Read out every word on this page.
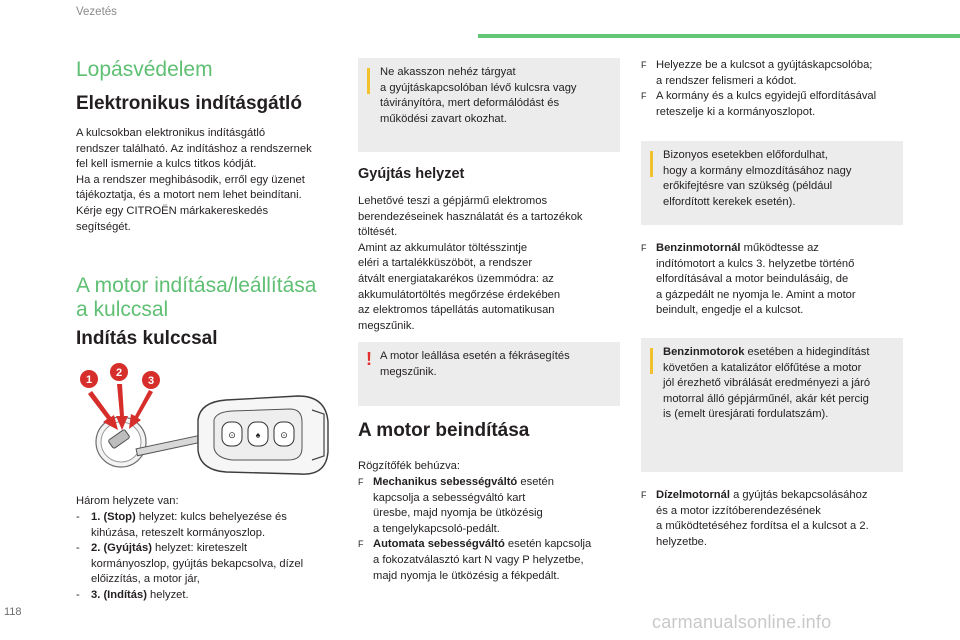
Vezetés
Lopásvédelem
Elektronikus indításgátló
A kulcsokban elektronikus indításgátló
rendszer található. Az indításhoz a rendszernek
fel kell ismernie a kulcs titkos kódját.
Ha a rendszer meghibásodik, erről egy üzenet
tájékoztatja, és a motort nem lehet beindítani.
Kérje egy CITROËN márkakereskedés
segítségét.
A motor indítása/leállítása
a kulccsal
Indítás kulccsal
⊙ ♠ ⊙
1
2
3
Három helyzete van:
- 1. (Stop) helyzet: kulcs behelyezése és
kihúzása, reteszelt kormányoszlop.
- 2. (Gyújtás) helyzet: kireteszelt
kormányoszlop, gyújtás bekapcsolva, dízel
előizzítás, a motor jár,
- 3. (Indítás) helyzet.
Ne akasszon nehéz tárgyat
a gyújtáskapcsolóban lévő kulcsra vagy
távirányítóra, mert deformálódást és
működési zavart okozhat.
Gyújtás helyzet
Lehetővé teszi a gépjármű elektromos
berendezéseinek használatát és a tartozékok
töltését.
Amint az akkumulátor töltésszintje
eléri a tartalékküszöböt, a rendszer
átvált energiatakarékos üzemmódra: az
akkumulátortöltés megőrzése érdekében
az elektromos tápellátás automatikusan
megszűnik.
! A motor leállása esetén a fékrásegítés
megszűnik.
A motor beindítása
Rögzítőfék behúzva:
F Mechanikus sebességváltó esetén
kapcsolja a sebességváltó kart
üresbe, majd nyomja be ütközésig
a tengelykapcsoló-pedált.
F Automata sebességváltó esetén kapcsolja
a fokozatválasztó kart N vagy P helyzetbe,
majd nyomja le ütközésig a fékpedált.
F Helyezze be a kulcsot a gyújtáskapcsolóba;
a rendszer felismeri a kódot.
F A kormány és a kulcs egyidejű elfordításával
reteszelje ki a kormányoszlopot.
Bizonyos esetekben előfordulhat,
hogy a kormány elmozdításához nagy
erőkifejtésre van szükség (például
elfordított kerekek esetén).
F Benzinmotornál működtesse az
indítómotort a kulcs 3. helyzetbe történő
elfordításával a motor beindulásáig, de
a gázpedált ne nyomja le. Amint a motor
beindult, engedje el a kulcsot.
Benzinmotorok esetében a hidegindítást
követően a katalizátor előfűtése a motor
jól érezhető vibrálását eredményezi a járó
motorral álló gépjárműnél, akár két percig
is (emelt üresjárati fordulatszám).
F Dízelmotornál a gyújtás bekapcsolásához
és a motor izzítóberendezésének
a működtetéséhez fordítsa el a kulcsot a 2.
helyzetbe.
118	carmanualsonline.info
